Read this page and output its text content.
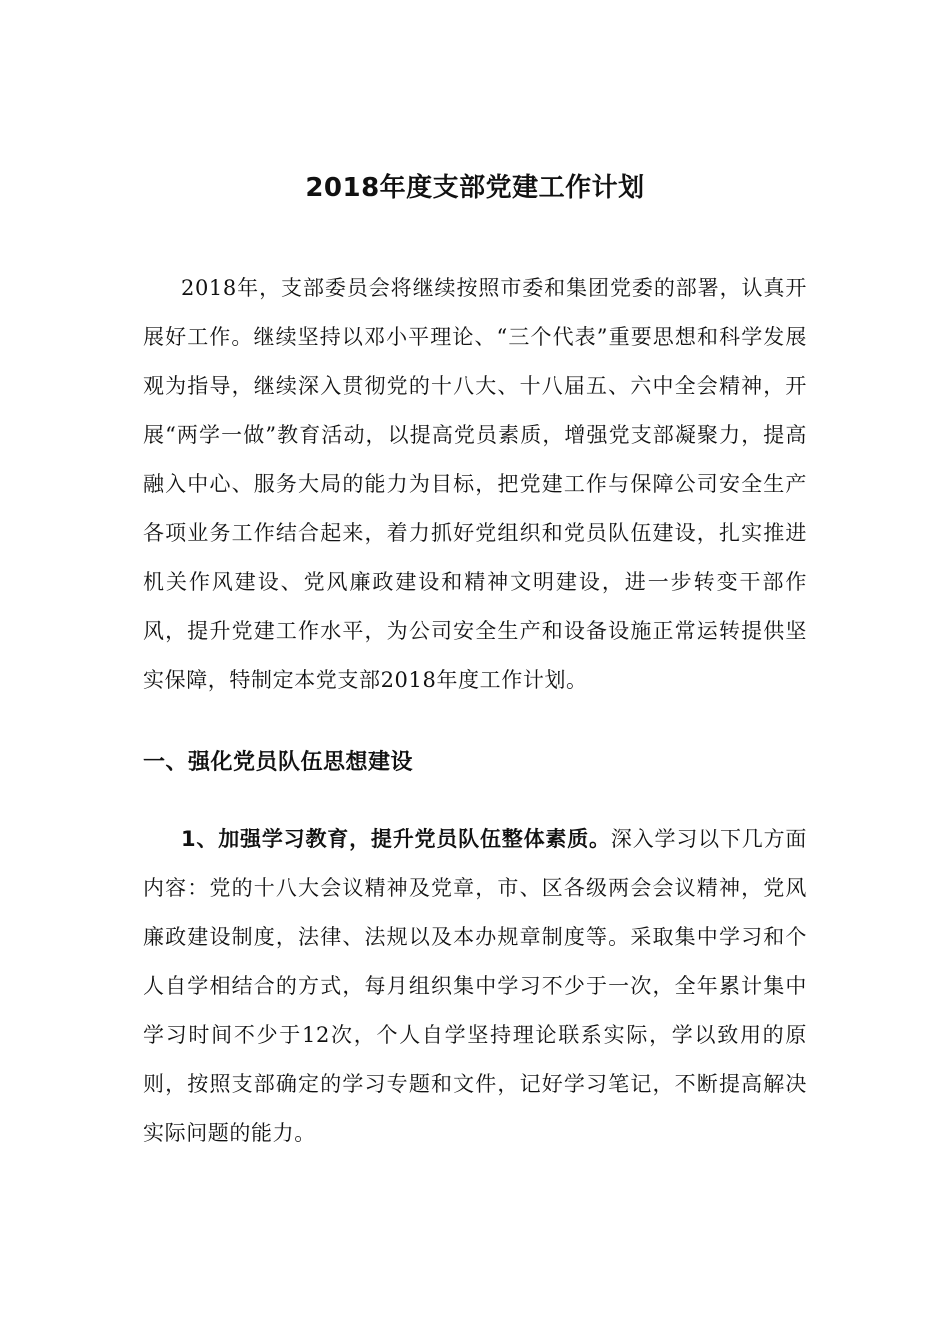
2018年度支部党建工作计划

2018年，支部委员会将继续按照市委和集团党委的部署，认真开展好工作。继续坚持以邓小平理论、“三个代表”重要思想和科学发展观为指导，继续深入贯彻党的十八大、十八届五、六中全会精神，开展“两学一做”教育活动，以提高党员素质，增强党支部凝聚力，提高融入中心、服务大局的能力为目标，把党建工作与保障公司安全生产各项业务工作结合起来，着力抓好党组织和党员队伍建设，扎实推进机关作风建设、党风廉政建设和精神文明建设，进一步转变干部作风，提升党建工作水平，为公司安全生产和设备设施正常运转提供坚实保障，特制定本党支部2018年度工作计划。

一、强化党员队伍思想建设

1、加强学习教育，提升党员队伍整体素质。深入学习以下几方面内容：党的十八大会议精神及党章，市、区各级两会会议精神，党风廉政建设制度，法律、法规以及本办规章制度等。采取集中学习和个人自学相结合的方式，每月组织集中学习不少于一次，全年累计集中学习时间不少于12次，个人自学坚持理论联系实际，学以致用的原则，按照支部确定的学习专题和文件，记好学习笔记，不断提高解决实际问题的能力。
